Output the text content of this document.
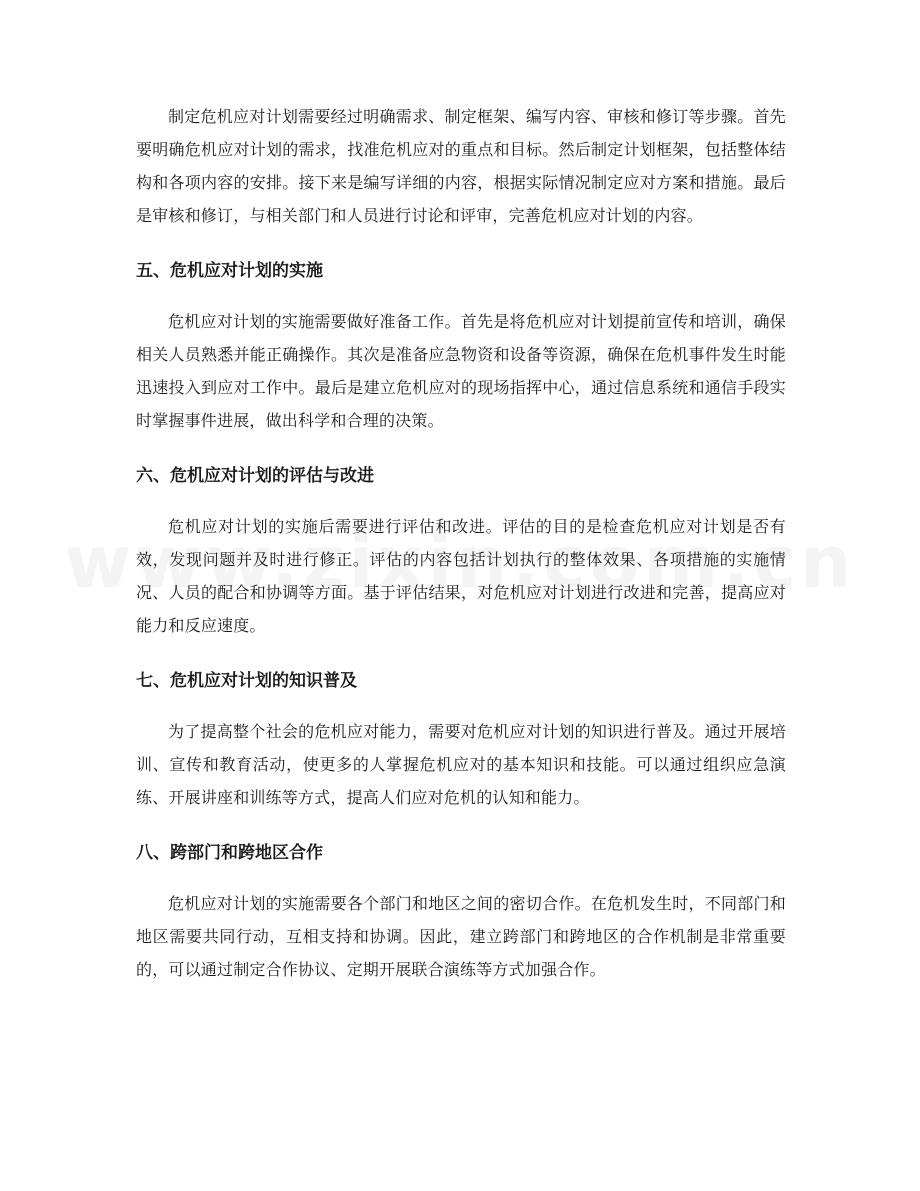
制定危机应对计划需要经过明确需求、制定框架、编写内容、审核和修订等步骤。首先要明确危机应对计划的需求，找准危机应对的重点和目标。然后制定计划框架，包括整体结构和各项内容的安排。接下来是编写详细的内容，根据实际情况制定应对方案和措施。最后是审核和修订，与相关部门和人员进行讨论和评审，完善危机应对计划的内容。

五、危机应对计划的实施

危机应对计划的实施需要做好准备工作。首先是将危机应对计划提前宣传和培训，确保相关人员熟悉并能正确操作。其次是准备应急物资和设备等资源，确保在危机事件发生时能迅速投入到应对工作中。最后是建立危机应对的现场指挥中心，通过信息系统和通信手段实时掌握事件进展，做出科学和合理的决策。

六、危机应对计划的评估与改进

危机应对计划的实施后需要进行评估和改进。评估的目的是检查危机应对计划是否有效，发现问题并及时进行修正。评估的内容包括计划执行的整体效果、各项措施的实施情况、人员的配合和协调等方面。基于评估结果，对危机应对计划进行改进和完善，提高应对能力和反应速度。

七、危机应对计划的知识普及

为了提高整个社会的危机应对能力，需要对危机应对计划的知识进行普及。通过开展培训、宣传和教育活动，使更多的人掌握危机应对的基本知识和技能。可以通过组织应急演练、开展讲座和训练等方式，提高人们应对危机的认知和能力。

八、跨部门和跨地区合作

危机应对计划的实施需要各个部门和地区之间的密切合作。在危机发生时，不同部门和地区需要共同行动，互相支持和协调。因此，建立跨部门和跨地区的合作机制是非常重要的，可以通过制定合作协议、定期开展联合演练等方式加强合作。
